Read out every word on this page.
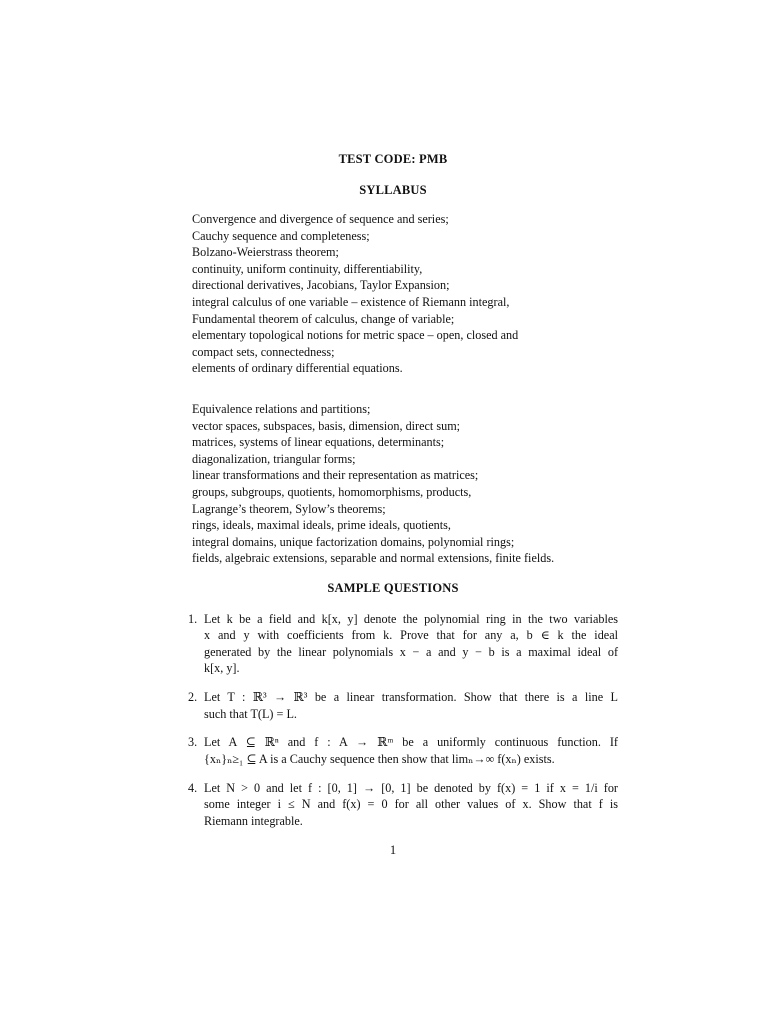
TEST CODE: PMB
SYLLABUS
Convergence and divergence of sequence and series;
Cauchy sequence and completeness;
Bolzano-Weierstrass theorem;
continuity, uniform continuity, differentiability,
directional derivatives, Jacobians, Taylor Expansion;
integral calculus of one variable – existence of Riemann integral,
Fundamental theorem of calculus, change of variable;
elementary topological notions for metric space – open, closed and
compact sets, connectedness;
elements of ordinary differential equations.
Equivalence relations and partitions;
vector spaces, subspaces, basis, dimension, direct sum;
matrices, systems of linear equations, determinants;
diagonalization, triangular forms;
linear transformations and their representation as matrices;
groups, subgroups, quotients, homomorphisms, products,
Lagrange’s theorem, Sylow’s theorems;
rings, ideals, maximal ideals, prime ideals, quotients,
integral domains, unique factorization domains, polynomial rings;
fields, algebraic extensions, separable and normal extensions, finite fields.
SAMPLE QUESTIONS
1. Let k be a field and k[x, y] denote the polynomial ring in the two variables
x and y with coefficients from k. Prove that for any a, b ∈ k the ideal
generated by the linear polynomials x − a and y − b is a maximal ideal of
k[x, y].
2. Let T : ℝ³ → ℝ³ be a linear transformation. Show that there is a line L
such that T(L) = L.
3. Let A ⊆ ℝⁿ and f : A → ℝᵐ be a uniformly continuous function. If
{xₙ}ₙ≥₁ ⊆ A is a Cauchy sequence then show that limₙ→∞ f(xₙ) exists.
4. Let N > 0 and let f : [0, 1] → [0, 1] be denoted by f(x) = 1 if x = 1/i for
some integer i ≤ N and f(x) = 0 for all other values of x. Show that f is
Riemann integrable.

1
